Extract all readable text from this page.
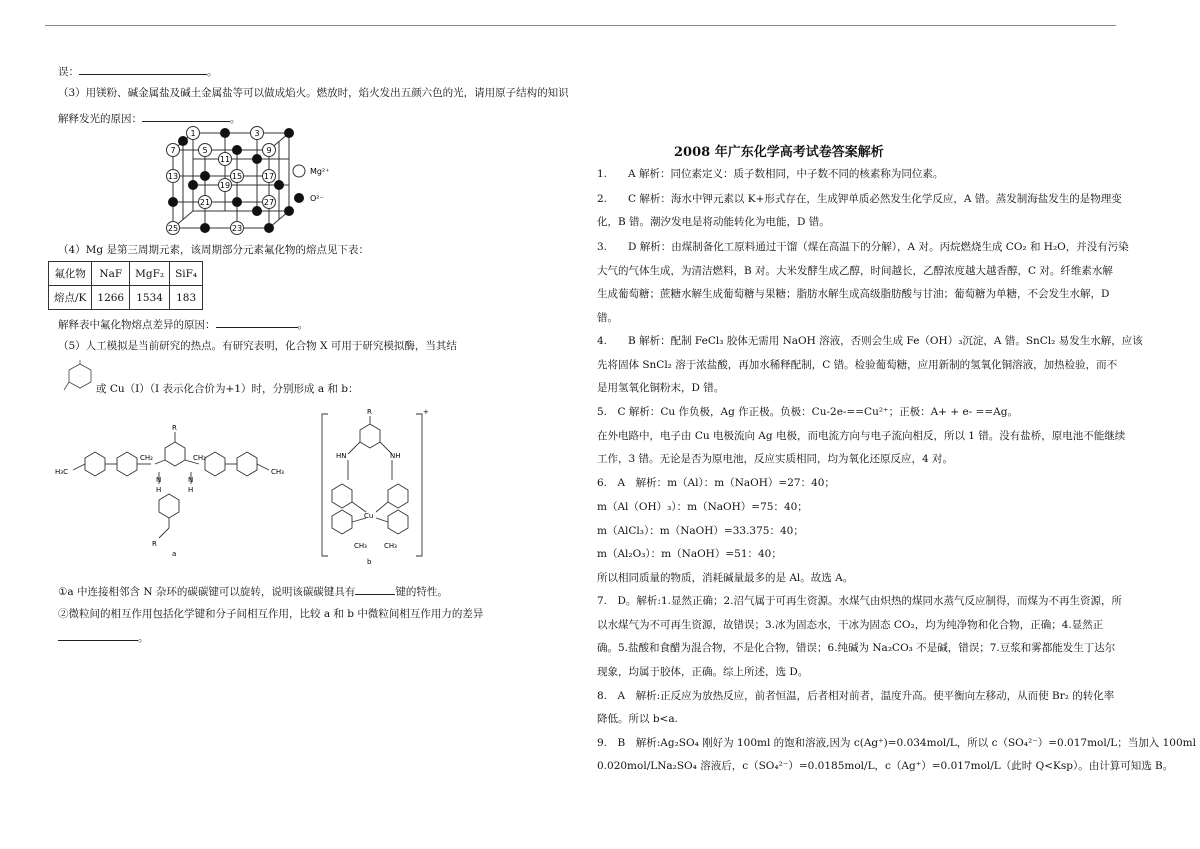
误：	。
（3）用镁粉、碱金属盐及碱土金属盐等可以做成焰火。燃放时，焰火发出五颜六色的光，请用原子结构的知识
解释发光的原因：	。
1	3
5
7	9
11
13	15	17
19
21
23
25
27
Mg²⁺
O²⁻
（4）Mg 是第三周期元素，该周期部分元素氟化物的熔点见下表：
氟化物	NaF	MgF₂	SiF₄
熔点/K	1266	1534	183
解释表中氟化物熔点差异的原因：	。
（5）人工模拟是当前研究的热点。有研究表明，化合物 X 可用于研究模拟酶，当其结
或 Cu（I）（I 表示化合价为+1）时，分别形成 a 和 b：
H₃C
CH₂	CH₂
CH₃
R
R
N	N
H	H
a
R
HN	NH
Cu
CH₃ CH₃
b
+
①a 中连接相邻含 N 杂环的碳碳键可以旋转，说明该碳碳键具有	键的特性。
②微粒间的相互作用包括化学键和分子间相互作用，比较 a 和 b 中微粒间相互作用力的差异
。
2008 年广东化学高考试卷答案解析
1.　　A 解析：同位素定义：质子数相同，中子数不同的核素称为同位素。
2.　　C 解析：海水中钾元素以 K+形式存在，生成钾单质必然发生化学反应，A 错。蒸发制海盐发生的是物理变
化，B 错。潮汐发电是将动能转化为电能，D 错。
3.　　D 解析：由煤制备化工原料通过干馏（煤在高温下的分解），A 对。丙烷燃烧生成 CO₂ 和 H₂O，并没有污染
大气的气体生成，为清洁燃料，B 对。大米发酵生成乙醇，时间越长，乙醇浓度越大越香醇，C 对。纤维素水解
生成葡萄糖；蔗糖水解生成葡萄糖与果糖；脂肪水解生成高级脂肪酸与甘油；葡萄糖为单糖，不会发生水解，D
错。
4.　　B 解析：配制 FeCl₃ 胶体无需用 NaOH 溶液，否则会生成 Fe（OH）₃沉淀，A 错。SnCl₂ 易发生水解，应该
先将固体 SnCl₂ 溶于浓盐酸，再加水稀释配制，C 错。检验葡萄糖，应用新制的氢氧化铜溶液，加热检验，而不
是用氢氧化铜粉末，D 错。
5.　C 解析：Cu 作负极，Ag 作正极。负极：Cu-2e-==Cu²⁺；正极：A+ + e- ==Ag。
在外电路中，电子由 Cu 电极流向 Ag 电极，而电流方向与电子流向相反，所以 1 错。没有盐桥，原电池不能继续
工作，3 错。无论是否为原电池，反应实质相同，均为氧化还原反应，4 对。
6.　A　解析：m（Al）：m（NaOH）=27：40；
m（Al（OH）₃）：m（NaOH）=75：40；
m（AlCl₃）：m（NaOH）=33.375：40；
m（Al₂O₃）：m（NaOH）=51：40；
所以相同质量的物质，消耗碱量最多的是 Al。故选 A。
7.　D。解析:1.显然正确；2.沼气属于可再生资源。水煤气由炽热的煤同水蒸气反应制得，而煤为不再生资源，所
以水煤气为不可再生资源，故错误；3.冰为固态水，干冰为固态 CO₂，均为纯净物和化合物，正确；4.显然正
确。5.盐酸和食醋为混合物，不是化合物，错误；6.纯碱为 Na₂CO₃ 不是碱，错误；7.豆浆和雾都能发生丁达尔
现象，均属于胶体，正确。综上所述，选 D。
8.　A　解析:正反应为放热反应，前者恒温，后者相对前者，温度升高。使平衡向左移动，从而使 Br₂ 的转化率
降低。所以 b<a.
9.　B　解析:Ag₂SO₄ 刚好为 100ml 的饱和溶液,因为 c(Ag⁺)=0.034mol/L，所以 c（SO₄²⁻）=0.017mol/L；当加入 100ml
0.020mol/LNa₂SO₄ 溶液后，c（SO₄²⁻）=0.0185mol/L，c（Ag⁺）=0.017mol/L（此时 Q<Ksp）。由计算可知选 B。
